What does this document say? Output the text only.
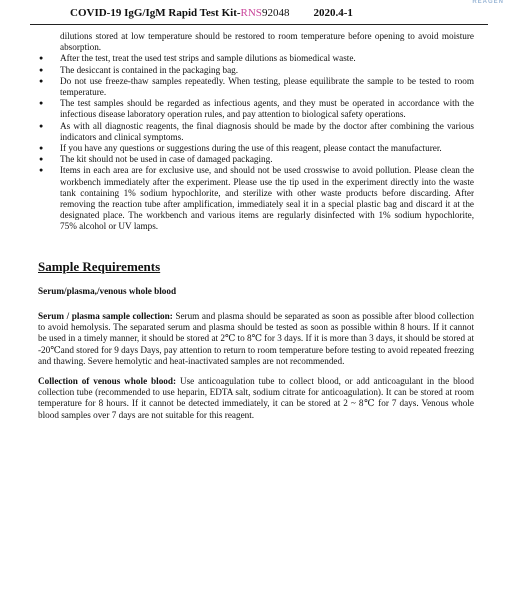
REAGEN
COVID-19 IgG/IgM Rapid Test Kit-RNS92048 2020.4-1
dilutions stored at low temperature should be restored to room temperature before opening to avoid moisture absorption.
● After the test, treat the used test strips and sample dilutions as biomedical waste.
● The desiccant is contained in the packaging bag.
● Do not use freeze-thaw samples repeatedly. When testing, please equilibrate the sample to be tested to room temperature.
● The test samples should be regarded as infectious agents, and they must be operated in accordance with the infectious disease laboratory operation rules, and pay attention to biological safety operations.
● As with all diagnostic reagents, the final diagnosis should be made by the doctor after combining the various indicators and clinical symptoms.
● If you have any questions or suggestions during the use of this reagent, please contact the manufacturer.
● The kit should not be used in case of damaged packaging.
● Items in each area are for exclusive use, and should not be used crosswise to avoid pollution. Please clean the workbench immediately after the experiment. Please use the tip used in the experiment directly into the waste tank containing 1% sodium hypochlorite, and sterilize with other waste products before discarding. After removing the reaction tube after amplification, immediately seal it in a special plastic bag and discard it at the designated place. The workbench and various items are regularly disinfected with 1% sodium hypochlorite, 75% alcohol or UV lamps.
Sample Requirements
Serum/plasma,/venous whole blood

Serum / plasma sample collection: Serum and plasma should be separated as soon as possible after blood collection to avoid hemolysis. The separated serum and plasma should be tested as soon as possible within 8 hours. If it cannot be used in a timely manner, it should be stored at 2℃ to 8℃ for 3 days. If it is more than 3 days, it should be stored at -20℃and stored for 9 days Days, pay attention to return to room temperature before testing to avoid repeated freezing and thawing. Severe hemolytic and heat-inactivated samples are not recommended.

Collection of venous whole blood: Use anticoagulation tube to collect blood, or add anticoagulant in the blood collection tube (recommended to use heparin, EDTA salt, sodium citrate for anticoagulation). It can be stored at room temperature for 8 hours. If it cannot be detected immediately, it can be stored at 2 ~ 8℃ for 7 days. Venous whole blood samples over 7 days are not suitable for this reagent.
